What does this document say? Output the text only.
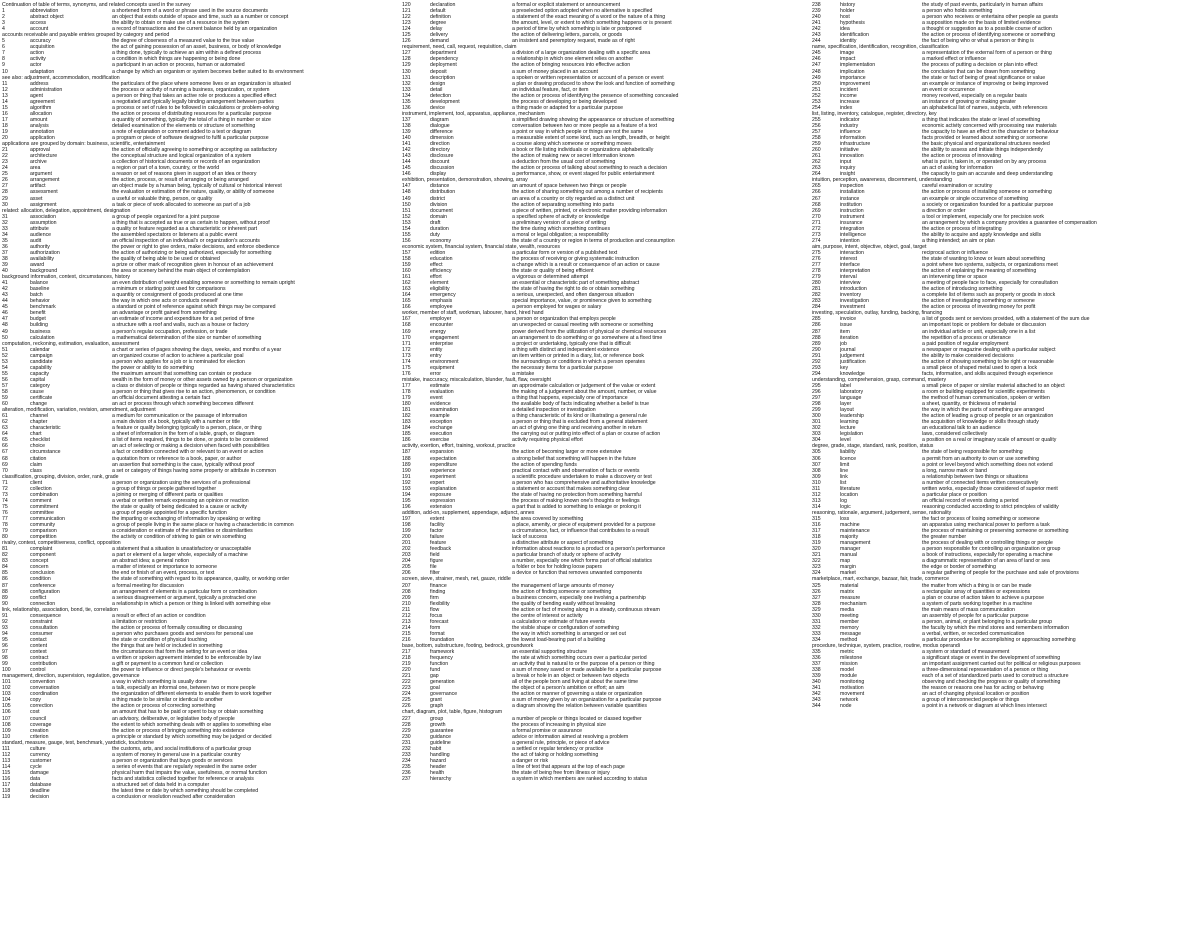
Continuation of table of terms, synonyms, and related concepts used in the survey
1	abbreviation	a shortened form of a word or phrase used in the source documents
2	abstract object	an object that exists outside of space and time, such as a number or concept
3	access	the ability to obtain or make use of a resource in the system
4	account	a record of transactions and the current balance held by an organization
accounts receivable and payable entries grouped by category and period
5	accuracy	the degree of closeness of a measured value to the true value
6	acquisition	the act of gaining possession of an asset, business, or body of knowledge
7	action	a thing done, typically to achieve an aim within a defined process
8	activity	a condition in which things are happening or being done
9	actor	a participant in an action or process, human or automated
10	adaptation	a change by which an organism or system becomes better suited to its environment
see also: adjustment, accommodation, modification
11	address	the particulars of the place where someone lives or an organization is situated
12	administration	the process or activity of running a business, organization, or system
13	agent	a person or thing that takes an active role or produces a specified effect
14	agreement	a negotiated and typically legally binding arrangement between parties
15	algorithm	a process or set of rules to be followed in calculations or problem-solving
16	allocation	the action or process of distributing resources for a particular purpose
17	amount	a quantity of something, typically the total of a thing in number or size
18	analysis	detailed examination of the elements or structure of something
19	annotation	a note of explanation or comment added to a text or diagram
20	application	a program or piece of software designed to fulfil a particular purpose
applications are grouped by domain: business, scientific, entertainment
21	approval	the action of officially agreeing to something or accepting as satisfactory
22	architecture	the conceptual structure and logical organization of a system
23	archive	a collection of historical documents or records of an organization
24	area	a region or part of a town, country, or the world
25	argument	a reason or set of reasons given in support of an idea or theory
26	arrangement	the action, process, or result of arranging or being arranged
27	artifact	an object made by a human being, typically of cultural or historical interest
28	assessment	the evaluation or estimation of the nature, quality, or ability of someone
29	asset	a useful or valuable thing, person, or quality
30	assignment	a task or piece of work allocated to someone as part of a job
related: allocation, delegation, appointment, designation
31	association	a group of people organized for a joint purpose
32	assumption	a thing that is accepted as true or as certain to happen, without proof
33	attribute	a quality or feature regarded as a characteristic or inherent part
34	audience	the assembled spectators or listeners at a public event
35	audit	an official inspection of an individual's or organization's accounts
36	authority	the power or right to give orders, make decisions, and enforce obedience
37	authorization	the action of authorizing or being authorized, especially for something
38	availability	the quality of being able to be used or obtained
39	award	a prize or other mark of recognition given in honour of an achievement
40	background	the area or scenery behind the main object of contemplation
background information, context, circumstances, history
41	balance	an even distribution of weight enabling someone or something to remain upright
42	baseline	a minimum or starting point used for comparisons
43	batch	a quantity or consignment of goods produced at one time
44	behavior	the way in which one acts or conducts oneself
45	benchmark	a standard or point of reference against which things may be compared
46	benefit	an advantage or profit gained from something
47	budget	an estimate of income and expenditure for a set period of time
48	building	a structure with a roof and walls, such as a house or factory
49	business	a person's regular occupation, profession, or trade
50	calculation	a mathematical determination of the size or number of something
computation, reckoning, estimation, evaluation, assessment
51	calendar	a chart or series of pages showing the days, weeks, and months of a year
52	campaign	an organized course of action to achieve a particular goal
53	candidate	a person who applies for a job or is nominated for election
54	capability	the power or ability to do something
55	capacity	the maximum amount that something can contain or produce
56	capital	wealth in the form of money or other assets owned by a person or organization
57	category	a class or division of people or things regarded as having shared characteristics
58	cause	a person or thing that gives rise to an action, phenomenon, or condition
59	certificate	an official document attesting a certain fact
60	change	an act or process through which something becomes different
alteration, modification, variation, revision, amendment, adjustment
61	channel	a medium for communication or the passage of information
62	chapter	a main division of a book, typically with a number or title
63	characteristic	a feature or quality belonging typically to a person, place, or thing
64	chart	a sheet of information in the form of a table, graph, or diagram
65	checklist	a list of items required, things to be done, or points to be considered
66	choice	an act of selecting or making a decision when faced with possibilities
67	circumstance	a fact or condition connected with or relevant to an event or action
68	citation	a quotation from or reference to a book, paper, or author
69	claim	an assertion that something is the case, typically without proof
70	class	a set or category of things having some property or attribute in common
classification, grouping, division, order, rank, grade
71	client	a person or organization using the services of a professional
72	collection	a group of things or people gathered together
73	combination	a joining or merging of different parts or qualities
74	comment	a verbal or written remark expressing an opinion or reaction
75	commitment	the state or quality of being dedicated to a cause or activity
76	committee	a group of people appointed for a specific function
77	communication	the imparting or exchanging of information by speaking or writing
78	community	a group of people living in the same place or having a characteristic in common
79	comparison	a consideration or estimate of the similarities or dissimilarities
80	competition	the activity or condition of striving to gain or win something
rivalry, contest, competitiveness, conflict, opposition
81	complaint	a statement that a situation is unsatisfactory or unacceptable
82	component	a part or element of a larger whole, especially of a machine
83	concept	an abstract idea; a general notion
84	concern	a matter of interest or importance to someone
85	conclusion	the end or finish of an event, process, or text
86	condition	the state of something with regard to its appearance, quality, or working order
87	conference	a formal meeting for discussion
88	configuration	an arrangement of elements in a particular form or combination
89	conflict	a serious disagreement or argument, typically a protracted one
90	connection	a relationship in which a person or thing is linked with something else
link, relationship, association, bond, tie, correlation
91	consequence	a result or effect of an action or condition
92	constraint	a limitation or restriction
93	consultation	the action or process of formally consulting or discussing
94	consumer	a person who purchases goods and services for personal use
95	contact	the state or condition of physical touching
96	content	the things that are held or included in something
97	context	the circumstances that form the setting for an event or idea
98	contract	a written or spoken agreement intended to be enforceable by law
99	contribution	a gift or payment to a common fund or collection
100	control	the power to influence or direct people's behaviour or events
management, direction, supervision, regulation, governance
101	convention	a way in which something is usually done
102	conversation	a talk, especially an informal one, between two or more people
103	coordination	the organization of different elements to enable them to work together
104	copy	a thing made to be similar or identical to another
105	correction	the action or process of correcting something
106	cost	an amount that has to be paid or spent to buy or obtain something
107	council	an advisory, deliberative, or legislative body of people
108	coverage	the extent to which something deals with or applies to something else
109	creation	the action or process of bringing something into existence
110	criterion	a principle or standard by which something may be judged or decided
standard, measure, gauge, test, benchmark, yardstick, touchstone
111	culture	the customs, arts, and social institutions of a particular group
112	currency	a system of money in general use in a particular country
113	customer	a person or organization that buys goods or services
114	cycle	a series of events that are regularly repeated in the same order
115	damage	physical harm that impairs the value, usefulness, or normal function
116	data	facts and statistics collected together for reference or analysis
117	database	a structured set of data held in a computer
118	deadline	the latest time or date by which something should be completed
119	decision	a conclusion or resolution reached after consideration
120	declaration	a formal or explicit statement or announcement
121	default	a preselected option adopted when no alternative is specified
122	definition	a statement of the exact meaning of a word or the nature of a thing
123	degree	the amount, level, or extent to which something happens or is present
124	delay	a period of time by which something is late or postponed
125	delivery	the action of delivering letters, parcels, or goods
126	demand	an insistent and peremptory request, made as of right
requirement, need, call, request, requisition, claim
127	department	a division of a large organization dealing with a specific area
128	dependency	a relationship in which one element relies on another
129	deployment	the action of bringing resources into effective action
130	deposit	a sum of money placed in an account
131	description	a spoken or written representation or account of a person or event
132	design	a plan or drawing produced to show the look and function of something
133	detail	an individual feature, fact, or item
134	detection	the action or process of identifying the presence of something concealed
135	development	the process of developing or being developed
136	device	a thing made or adapted for a particular purpose
instrument, implement, tool, apparatus, appliance, mechanism
137	diagram	a simplified drawing showing the appearance or structure of something
138	dialogue	conversation between two or more people as a feature of a text
139	difference	a point or way in which people or things are not the same
140	dimension	a measurable extent of some kind, such as length, breadth, or height
141	direction	a course along which someone or something moves
142	directory	a book or file listing individuals or organizations alphabetically
143	disclosure	the action of making new or secret information known
144	discount	a deduction from the usual cost of something
145	discussion	the action or process of talking about something to reach a decision
146	display	a performance, show, or event staged for public entertainment
exhibition, presentation, demonstration, showing, array
147	distance	an amount of space between two things or people
148	distribution	the action of sharing something out among a number of recipients
149	district	an area of a country or city regarded as a distinct unit
150	division	the action of separating something into parts
151	document	a piece of written, printed, or electronic matter providing information
152	domain	a specified sphere of activity or knowledge
153	draft	a preliminary version of a piece of writing
154	duration	the time during which something continues
155	duty	a moral or legal obligation; a responsibility
156	economy	the state of a country or region in terms of production and consumption
economic system, financial system, financial state, wealth, resources
157	edition	a particular form or version of a published text
158	education	the process of receiving or giving systematic instruction
159	effect	a change which is a result or consequence of an action or cause
160	efficiency	the state or quality of being efficient
161	effort	a vigorous or determined attempt
162	element	an essential or characteristic part of something abstract
163	eligibility	the state of having the right to do or obtain something
164	emergency	a serious, unexpected, and often dangerous situation
165	emphasis	special importance, value, or prominence given to something
166	employee	a person employed for wages or salary
worker, member of staff, workman, labourer, hand, hired hand
167	employer	a person or organization that employs people
168	encounter	an unexpected or casual meeting with someone or something
169	energy	power derived from the utilization of physical or chemical resources
170	engagement	an arrangement to do something or go somewhere at a fixed time
171	enterprise	a project or undertaking, typically one that is difficult
172	entity	a thing with distinct and independent existence
173	entry	an item written or printed in a diary, list, or reference book
174	environment	the surroundings or conditions in which a person operates
175	equipment	the necessary items for a particular purpose
176	error	a mistake
mistake, inaccuracy, miscalculation, blunder, fault, flaw, oversight
177	estimate	an approximate calculation or judgement of the value or extent
178	evaluation	the making of a judgement about the amount, number, or value
179	event	a thing that happens, especially one of importance
180	evidence	the available body of facts indicating whether a belief is true
181	examination	a detailed inspection or investigation
182	example	a thing characteristic of its kind or illustrating a general rule
183	exception	a person or thing that is excluded from a general statement
184	exchange	an act of giving one thing and receiving another in return
185	execution	the carrying out or putting into effect of a plan or course of action
186	exercise	activity requiring physical effort
activity, exertion, effort, training, workout, practice
187	expansion	the action of becoming larger or more extensive
188	expectation	a strong belief that something will happen in the future
189	expenditure	the action of spending funds
190	experience	practical contact with and observation of facts or events
191	experiment	a scientific procedure undertaken to make a discovery or test
192	expert	a person who has comprehensive and authoritative knowledge
193	explanation	a statement or account that makes something clear
194	exposure	the state of having no protection from something harmful
195	expression	the process of making known one's thoughts or feelings
196	extension	a part that is added to something to enlarge or prolong it
addition, add-on, supplement, appendage, adjunct, annex
197	extent	the area covered by something
198	facility	a place, amenity, or piece of equipment provided for a purpose
199	factor	a circumstance, fact, or influence that contributes to a result
200	failure	lack of success
201	feature	a distinctive attribute or aspect of something
202	feedback	information about reactions to a product or a person's performance
203	field	a particular branch of study or sphere of activity
204	figure	a number, especially one which forms part of official statistics
205	file	a folder or box for holding loose papers
206	filter	a device or function that removes unwanted components
screen, sieve, strainer, mesh, net, gauze, riddle
207	finance	the management of large amounts of money
208	finding	the action of finding someone or something
209	firm	a business concern, especially one involving a partnership
210	flexibility	the quality of bending easily without breaking
211	flow	the action or fact of moving along in a steady, continuous stream
212	focus	the centre of interest or activity
213	forecast	a calculation or estimate of future events
214	form	the visible shape or configuration of something
215	format	the way in which something is arranged or set out
216	foundation	the lowest load-bearing part of a building
base, bottom, substructure, footing, bedrock, groundwork
217	framework	an essential supporting structure
218	frequency	the rate at which something occurs over a particular period
219	function	an activity that is natural to or the purpose of a person or thing
220	fund	a sum of money saved or made available for a particular purpose
221	gap	a break or hole in an object or between two objects
222	generation	all of the people born and living at about the same time
223	goal	the object of a person's ambition or effort; an aim
224	governance	the action or manner of governing a state or organization
225	grant	a sum of money given by an organization for a particular purpose
226	graph	a diagram showing the relation between variable quantities
chart, diagram, plot, table, figure, histogram
227	group	a number of people or things located or classed together
228	growth	the process of increasing in physical size
229	guarantee	a formal promise or assurance
230	guidance	advice or information aimed at resolving a problem
231	guideline	a general rule, principle, or piece of advice
232	habit	a settled or regular tendency or practice
233	handling	the act of taking or holding something
234	hazard	a danger or risk
235	header	a line of text that appears at the top of each page
236	health	the state of being free from illness or injury
237	hierarchy	a system in which members are ranked according to status
238	history	the study of past events, particularly in human affairs
239	holder	a person who holds something
240	host	a person who receives or entertains other people as guests
241	hypothesis	a supposition made on the basis of limited evidence
242	idea	a thought or suggestion as to a possible course of action
243	identification	the action or process of identifying someone or something
244	identity	the fact of being who or what a person or thing is
name, specification, identification, recognition, classification
245	image	a representation of the external form of a person or thing
246	impact	a marked effect or influence
247	implementation	the process of putting a decision or plan into effect
248	implication	the conclusion that can be drawn from something
249	importance	the state or fact of being of great significance or value
250	improvement	an example or instance of improving or being improved
251	incident	an event or occurrence
252	income	money received, especially on a regular basis
253	increase	an instance of growing or making greater
254	index	an alphabetical list of names, subjects, with references
list, listing, inventory, catalogue, register, directory, key
255	indicator	a thing that indicates the state or level of something
256	industry	economic activity concerned with processing raw materials
257	influence	the capacity to have an effect on the character or behaviour
258	information	facts provided or learned about something or someone
259	infrastructure	the basic physical and organizational structures needed
260	initiative	the ability to assess and initiate things independently
261	innovation	the action or process of innovating
262	input	what is put in, taken in, or operated on by any process
263	inquiry	an act of asking for information
264	insight	the capacity to gain an accurate and deep understanding
intuition, perception, awareness, discernment, understanding
265	inspection	careful examination or scrutiny
266	installation	the action or process of installing someone or something
267	instance	an example or single occurrence of something
268	institution	a society or organization founded for a particular purpose
269	instruction	a direction or order
270	instrument	a tool or implement, especially one for precision work
271	insurance	an arrangement by which a company provides a guarantee of compensation
272	integration	the action or process of integrating
273	intelligence	the ability to acquire and apply knowledge and skills
274	intention	a thing intended; an aim or plan
aim, purpose, intent, objective, object, goal, target
275	interaction	reciprocal action or influence
276	interest	the state of wanting to know or learn about something
277	interface	a point where two systems, subjects, or organizations meet
278	interpretation	the action of explaining the meaning of something
279	interval	an intervening time or space
280	interview	a meeting of people face to face, especially for consultation
281	introduction	the action of introducing something
282	inventory	a complete list of items such as property or goods in stock
283	investigation	the action of investigating something or someone
284	investment	the action or process of investing money for profit
investing, speculation, outlay, funding, backing, financing
285	invoice	a list of goods sent or services provided, with a statement of the sum due
286	issue	an important topic or problem for debate or discussion
287	item	an individual article or unit, especially one in a list
288	iteration	the repetition of a process or utterance
289	job	a paid position of regular employment
290	journal	a newspaper or magazine dealing with a particular subject
291	judgement	the ability to make considered decisions
292	justification	the action of showing something to be right or reasonable
293	key	a small piece of shaped metal used to open a lock
294	knowledge	facts, information, and skills acquired through experience
understanding, comprehension, grasp, command, mastery
295	label	a small piece of paper or similar material attached to an object
296	laboratory	a room or building equipped for scientific experiments
297	language	the method of human communication, spoken or written
298	layer	a sheet, quantity, or thickness of material
299	layout	the way in which the parts of something are arranged
300	leadership	the action of leading a group of people or an organization
301	learning	the acquisition of knowledge or skills through study
302	lecture	an educational talk to an audience
303	legislation	laws, considered collectively
304	level	a position on a real or imaginary scale of amount or quality
degree, grade, stage, standard, rank, position, status
305	liability	the state of being responsible for something
306	licence	a permit from an authority to own or use something
307	limit	a point or level beyond which something does not extend
308	line	a long, narrow mark or band
309	link	a relationship between two things or situations
310	list	a number of connected items written consecutively
311	literature	written works, especially those considered of superior merit
312	location	a particular place or position
313	log	an official record of events during a period
314	logic	reasoning conducted according to strict principles of validity
reasoning, rationale, argument, judgement, sense, rationality
315	loss	the fact or process of losing something or someone
316	machine	an apparatus using mechanical power to perform a task
317	maintenance	the process of maintaining or preserving someone or something
318	majority	the greater number
319	management	the process of dealing with or controlling things or people
320	manager	a person responsible for controlling an organization or group
321	manual	a book of instructions, especially for operating a machine
322	map	a diagrammatic representation of an area of land or sea
323	margin	the edge or border of something
324	market	a regular gathering of people for the purchase and sale of provisions
marketplace, mart, exchange, bazaar, fair, trade, commerce
325	material	the matter from which a thing is or can be made
326	matrix	a rectangular array of quantities or expressions
327	measure	a plan or course of action taken to achieve a purpose
328	mechanism	a system of parts working together in a machine
329	media	the main means of mass communication
330	meeting	an assembly of people for a particular purpose
331	member	a person, animal, or plant belonging to a particular group
332	memory	the faculty by which the mind stores and remembers information
333	message	a verbal, written, or recorded communication
334	method	a particular procedure for accomplishing or approaching something
procedure, technique, system, practice, routine, modus operandi
335	metric	a system or standard of measurement
336	milestone	a significant stage or event in the development of something
337	mission	an important assignment carried out for political or religious purposes
338	model	a three-dimensional representation of a person or thing
339	module	each of a set of standardized parts used to construct a structure
340	monitoring	observing and checking the progress or quality of something
341	motivation	the reason or reasons one has for acting or behaving
342	movement	an act of changing physical location or position
343	network	a group of interconnected people or things
344	node	a point in a network or diagram at which lines intersect
